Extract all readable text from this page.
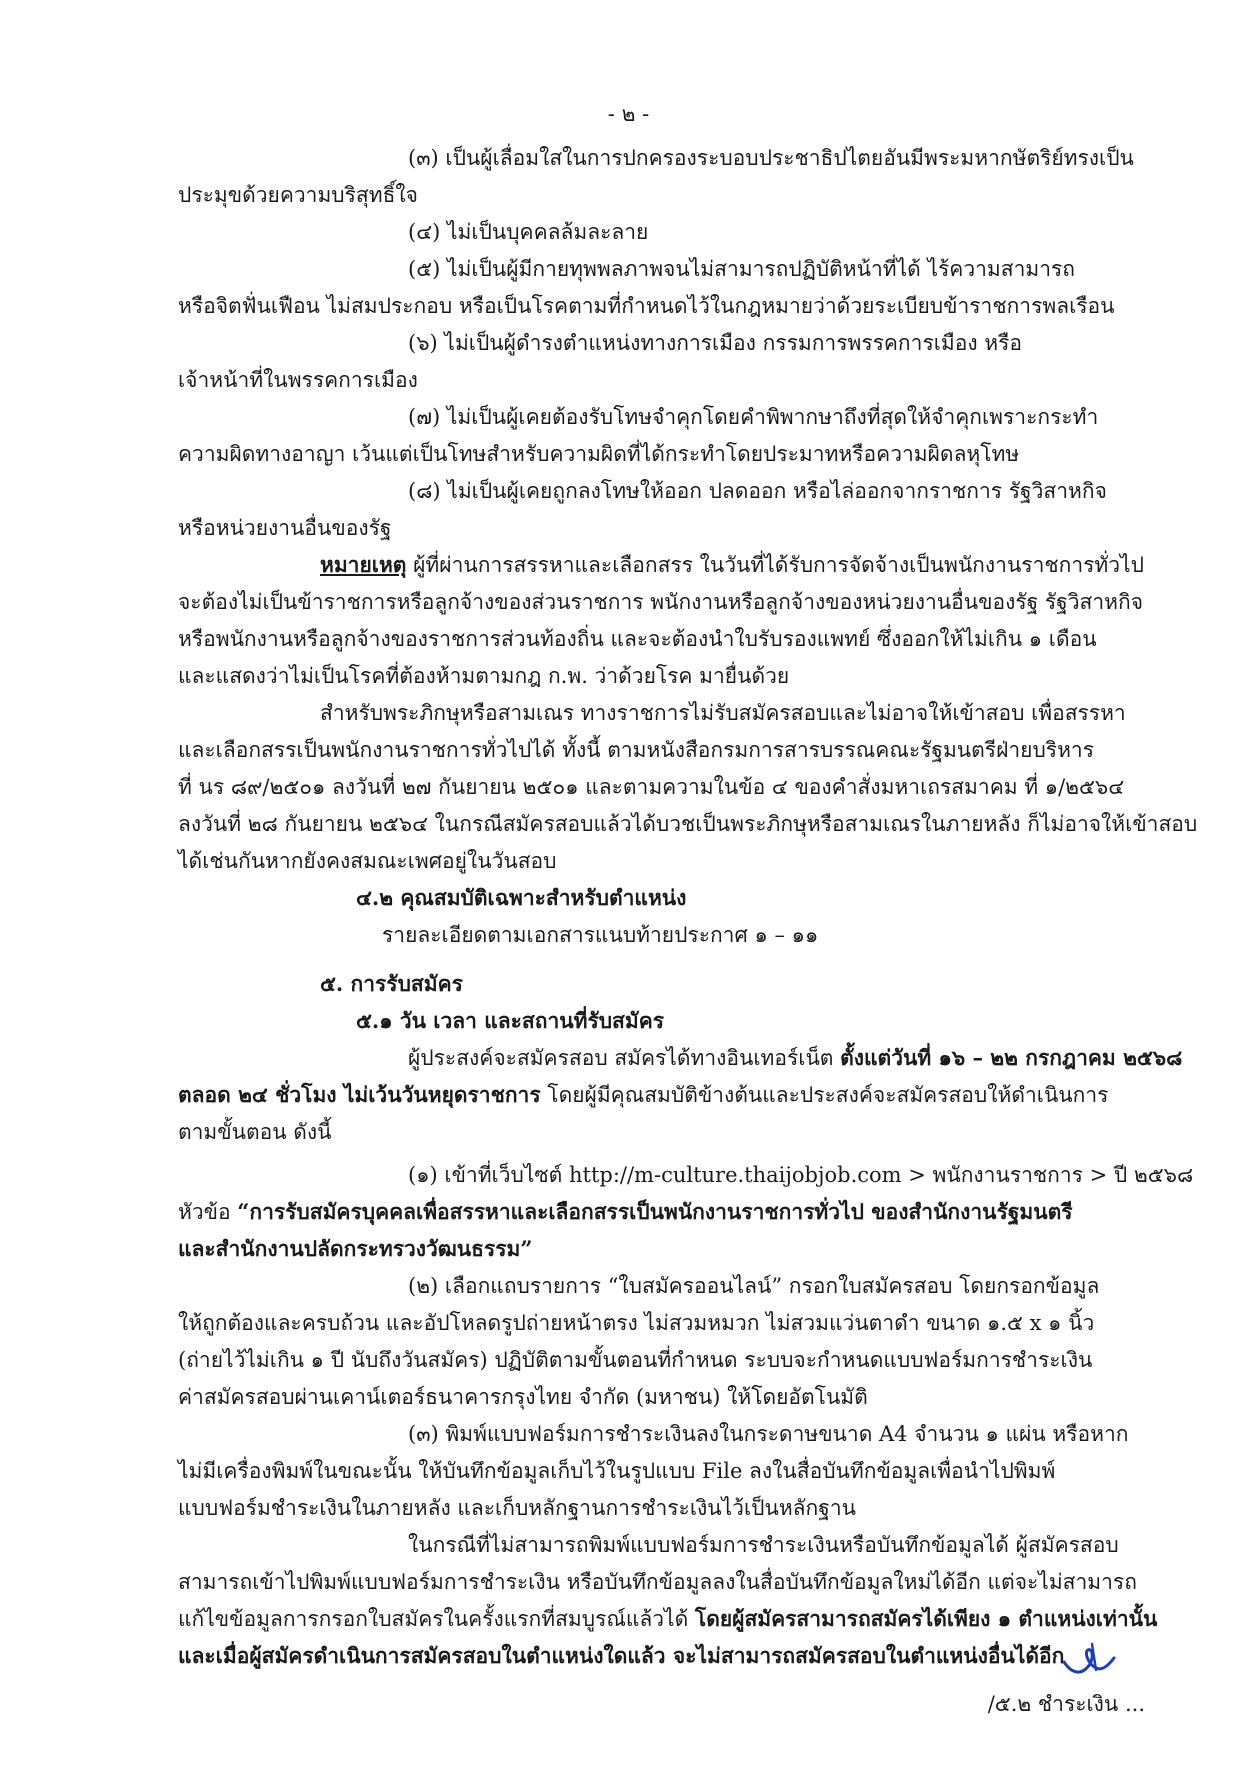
- ๒ -
(๓) เป็นผู้เลื่อมใสในการปกครองระบอบประชาธิปไตยอันมีพระมหากษัตริย์ทรงเป็น
ประมุขด้วยความบริสุทธิ์ใจ
(๔) ไม่เป็นบุคคลล้มละลาย
(๕) ไม่เป็นผู้มีกายทุพพลภาพจนไม่สามารถปฏิบัติหน้าที่ได้ ไร้ความสามารถ
หรือจิตฟั่นเฟือน ไม่สมประกอบ หรือเป็นโรคตามที่กำหนดไว้ในกฎหมายว่าด้วยระเบียบข้าราชการพลเรือน
(๖) ไม่เป็นผู้ดำรงตำแหน่งทางการเมือง กรรมการพรรคการเมือง หรือ
เจ้าหน้าที่ในพรรคการเมือง
(๗) ไม่เป็นผู้เคยต้องรับโทษจำคุกโดยคำพิพากษาถึงที่สุดให้จำคุกเพราะกระทำ
ความผิดทางอาญา เว้นแต่เป็นโทษสำหรับความผิดที่ได้กระทำโดยประมาทหรือความผิดลหุโทษ
(๘) ไม่เป็นผู้เคยถูกลงโทษให้ออก ปลดออก หรือไล่ออกจากราชการ รัฐวิสาหกิจ
หรือหน่วยงานอื่นของรัฐ
หมายเหตุ ผู้ที่ผ่านการสรรหาและเลือกสรร ในวันที่ได้รับการจัดจ้างเป็นพนักงานราชการทั่วไป
จะต้องไม่เป็นข้าราชการหรือลูกจ้างของส่วนราชการ พนักงานหรือลูกจ้างของหน่วยงานอื่นของรัฐ รัฐวิสาหกิจ
หรือพนักงานหรือลูกจ้างของราชการส่วนท้องถิ่น และจะต้องนำใบรับรองแพทย์ ซึ่งออกให้ไม่เกิน ๑ เดือน
และแสดงว่าไม่เป็นโรคที่ต้องห้ามตามกฎ ก.พ. ว่าด้วยโรค มายื่นด้วย
สำหรับพระภิกษุหรือสามเณร ทางราชการไม่รับสมัครสอบและไม่อาจให้เข้าสอบ เพื่อสรรหา
และเลือกสรรเป็นพนักงานราชการทั่วไปได้ ทั้งนี้ ตามหนังสือกรมการสารบรรณคณะรัฐมนตรีฝ่ายบริหาร
ที่ นร ๘๙/๒๕๐๑ ลงวันที่ ๒๗ กันยายน ๒๕๐๑ และตามความในข้อ ๔ ของคำสั่งมหาเถรสมาคม ที่ ๑/๒๕๖๔
ลงวันที่ ๒๘ กันยายน ๒๕๖๔ ในกรณีสมัครสอบแล้วได้บวชเป็นพระภิกษุหรือสามเณรในภายหลัง ก็ไม่อาจให้เข้าสอบ
ได้เช่นกันหากยังคงสมณะเพศอยู่ในวันสอบ
๔.๒ คุณสมบัติเฉพาะสำหรับตำแหน่ง
รายละเอียดตามเอกสารแนบท้ายประกาศ ๑ – ๑๑
๕. การรับสมัคร
๕.๑ วัน เวลา และสถานที่รับสมัคร
ผู้ประสงค์จะสมัครสอบ สมัครได้ทางอินเทอร์เน็ต ตั้งแต่วันที่ ๑๖ – ๒๒ กรกฎาคม ๒๕๖๘
ตลอด ๒๔ ชั่วโมง ไม่เว้นวันหยุดราชการ โดยผู้มีคุณสมบัติข้างต้นและประสงค์จะสมัครสอบให้ดำเนินการ
ตามขั้นตอน ดังนี้
(๑) เข้าที่เว็บไซต์ http://m-culture.thaijobjob.com > พนักงานราชการ > ปี ๒๕๖๘
หัวข้อ “การรับสมัครบุคคลเพื่อสรรหาและเลือกสรรเป็นพนักงานราชการทั่วไป ของสำนักงานรัฐมนตรี
และสำนักงานปลัดกระทรวงวัฒนธรรม”
(๒) เลือกแถบรายการ “ใบสมัครออนไลน์” กรอกใบสมัครสอบ โดยกรอกข้อมูล
ให้ถูกต้องและครบถ้วน และอัปโหลดรูปถ่ายหน้าตรง ไม่สวมหมวก ไม่สวมแว่นตาดำ ขนาด ๑.๕ x ๑ นิ้ว
(ถ่ายไว้ไม่เกิน ๑ ปี นับถึงวันสมัคร) ปฏิบัติตามขั้นตอนที่กำหนด ระบบจะกำหนดแบบฟอร์มการชำระเงิน
ค่าสมัครสอบผ่านเคาน์เตอร์ธนาคารกรุงไทย จำกัด (มหาชน) ให้โดยอัตโนมัติ
(๓) พิมพ์แบบฟอร์มการชำระเงินลงในกระดาษขนาด A4 จำนวน ๑ แผ่น หรือหาก
ไม่มีเครื่องพิมพ์ในขณะนั้น ให้บันทึกข้อมูลเก็บไว้ในรูปแบบ File ลงในสื่อบันทึกข้อมูลเพื่อนำไปพิมพ์
แบบฟอร์มชำระเงินในภายหลัง และเก็บหลักฐานการชำระเงินไว้เป็นหลักฐาน
ในกรณีที่ไม่สามารถพิมพ์แบบฟอร์มการชำระเงินหรือบันทึกข้อมูลได้ ผู้สมัครสอบ
สามารถเข้าไปพิมพ์แบบฟอร์มการชำระเงิน หรือบันทึกข้อมูลลงในสื่อบันทึกข้อมูลใหม่ได้อีก แต่จะไม่สามารถ
แก้ไขข้อมูลการกรอกใบสมัครในครั้งแรกที่สมบูรณ์แล้วได้ โดยผู้สมัครสามารถสมัครได้เพียง ๑ ตำแหน่งเท่านั้น
และเมื่อผู้สมัครดำเนินการสมัครสอบในตำแหน่งใดแล้ว จะไม่สามารถสมัครสอบในตำแหน่งอื่นได้อีก
/๕.๒ ชำระเงิน ...
